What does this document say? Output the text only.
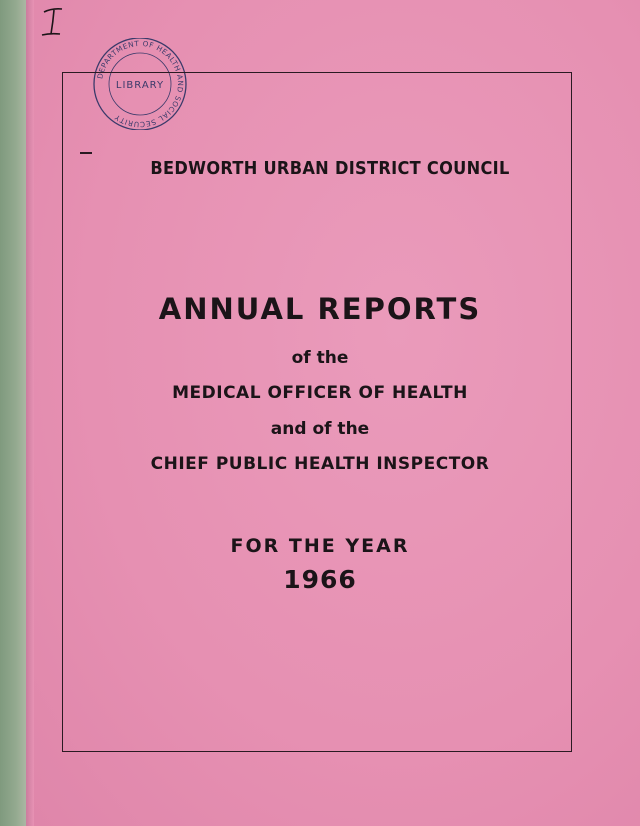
DEPARTMENT OF HEALTH AND SOCIAL SECURITY
LIBRARY

BEDWORTH URBAN DISTRICT COUNCIL

ANNUAL REPORTS

of the

MEDICAL OFFICER OF HEALTH

and of the

CHIEF PUBLIC HEALTH INSPECTOR

FOR THE YEAR

1966
